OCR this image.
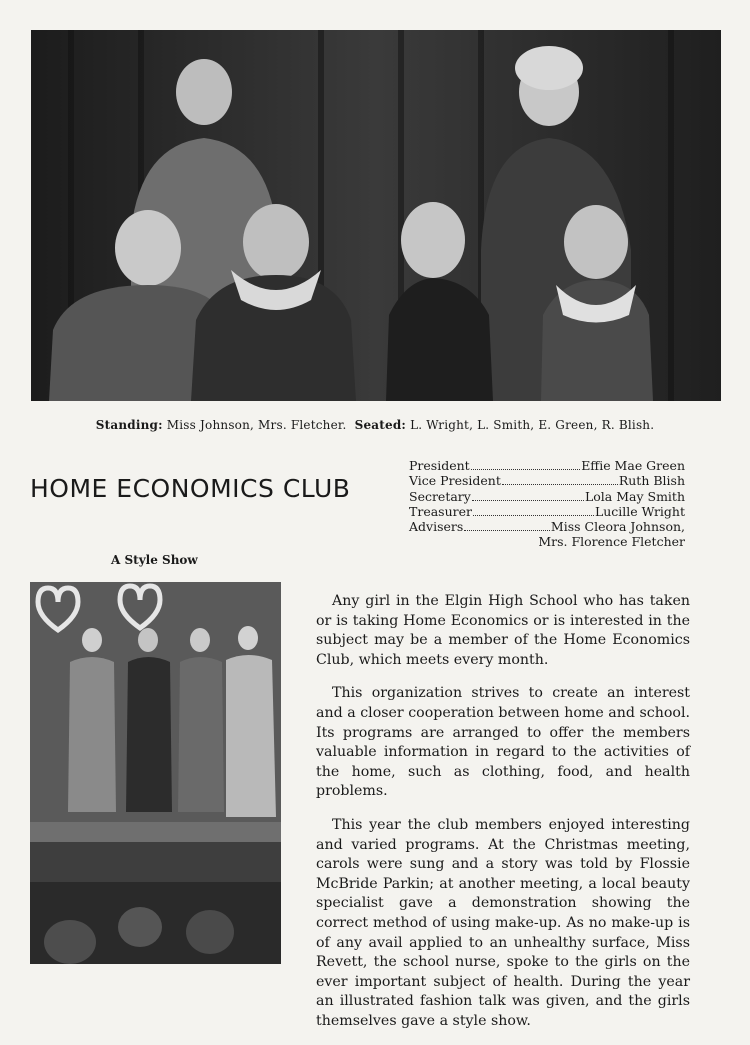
Standing: Miss Johnson, Mrs. Fletcher. Seated: L. Wright, L. Smith, E. Green, R. Blish.
HOME ECONOMICS CLUB
President	Effie Mae Green
Vice President	Ruth Blish
Secretary	Lola May Smith
Treasurer	Lucille Wright
Advisers	Miss Cleora Johnson,
Mrs. Florence Fletcher
A Style Show

Any girl in the Elgin High School who has taken or is taking Home Economics or is interested in the subject may be a member of the Home Economics Club, which meets every month.

This organization strives to create an interest and a closer cooperation between home and school. Its programs are arranged to offer the members valuable information in regard to the activities of the home, such as clothing, food, and health problems.

This year the club members enjoyed interesting and varied programs. At the Christmas meeting, carols were sung and a story was told by Flossie McBride Parkin; at another meeting, a local beauty specialist gave a demonstration showing the correct method of using make-up. As no make-up is of any avail applied to an unhealthy surface, Miss Revett, the school nurse, spoke to the girls on the ever important subject of health. During the year an illustrated fashion talk was given, and the girls themselves gave a style show.
